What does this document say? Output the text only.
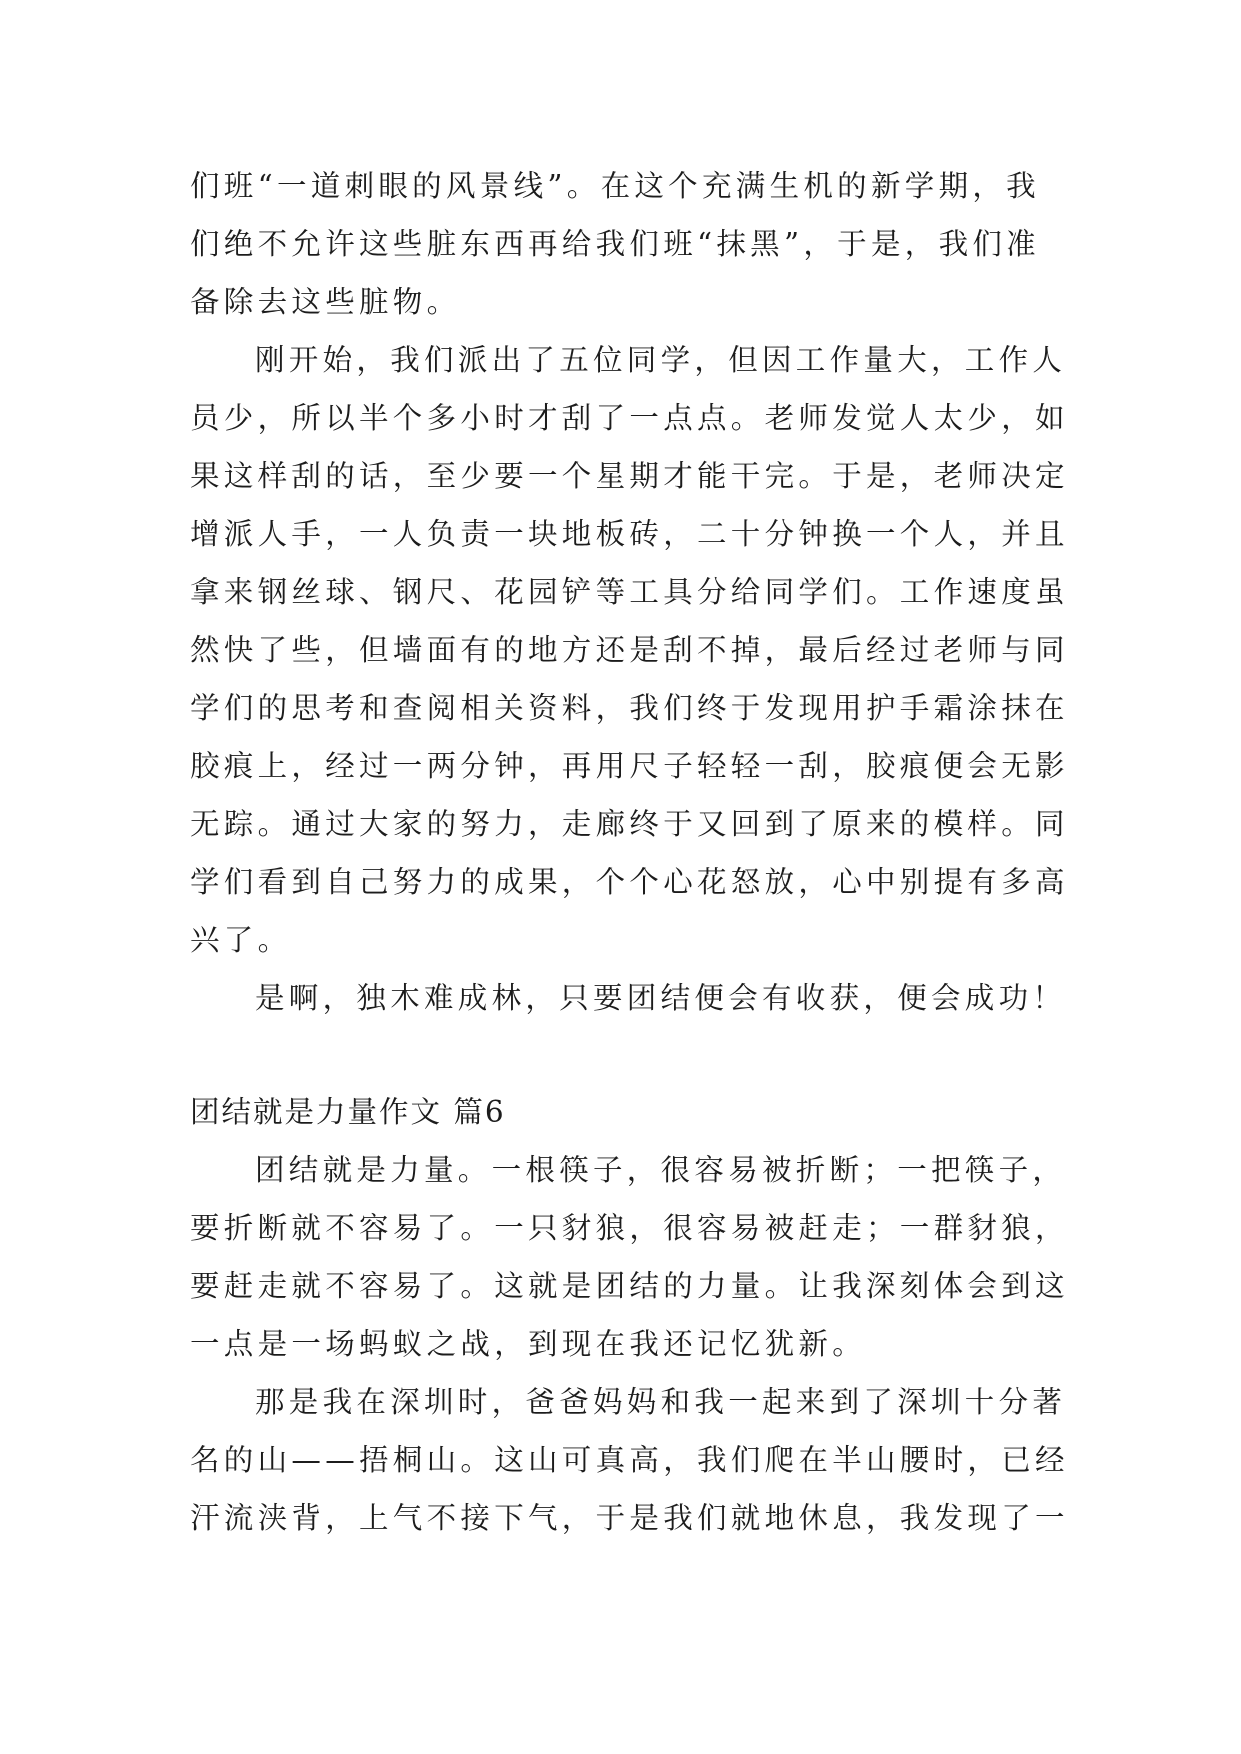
们班“一道刺眼的风景线”。在这个充满生机的新学期，我
们绝不允许这些脏东西再给我们班“抹黑”，于是，我们准
备除去这些脏物。
刚开始，我们派出了五位同学，但因工作量大，工作人
员少，所以半个多小时才刮了一点点。老师发觉人太少，如
果这样刮的话，至少要一个星期才能干完。于是，老师决定
增派人手，一人负责一块地板砖，二十分钟换一个人，并且
拿来钢丝球、钢尺、花园铲等工具分给同学们。工作速度虽
然快了些，但墙面有的地方还是刮不掉，最后经过老师与同
学们的思考和查阅相关资料，我们终于发现用护手霜涂抹在
胶痕上，经过一两分钟，再用尺子轻轻一刮，胶痕便会无影
无踪。通过大家的努力，走廊终于又回到了原来的模样。同
学们看到自己努力的成果，个个心花怒放，心中别提有多高
兴了。
是啊，独木难成林，只要团结便会有收获，便会成功！
团结就是力量作文 篇6
团结就是力量。一根筷子，很容易被折断；一把筷子，
要折断就不容易了。一只豺狼，很容易被赶走；一群豺狼，
要赶走就不容易了。这就是团结的力量。让我深刻体会到这
一点是一场蚂蚁之战，到现在我还记忆犹新。
那是我在深圳时，爸爸妈妈和我一起来到了深圳十分著
名的山——捂桐山。这山可真高，我们爬在半山腰时，已经
汗流浃背，上气不接下气，于是我们就地休息，我发现了一
